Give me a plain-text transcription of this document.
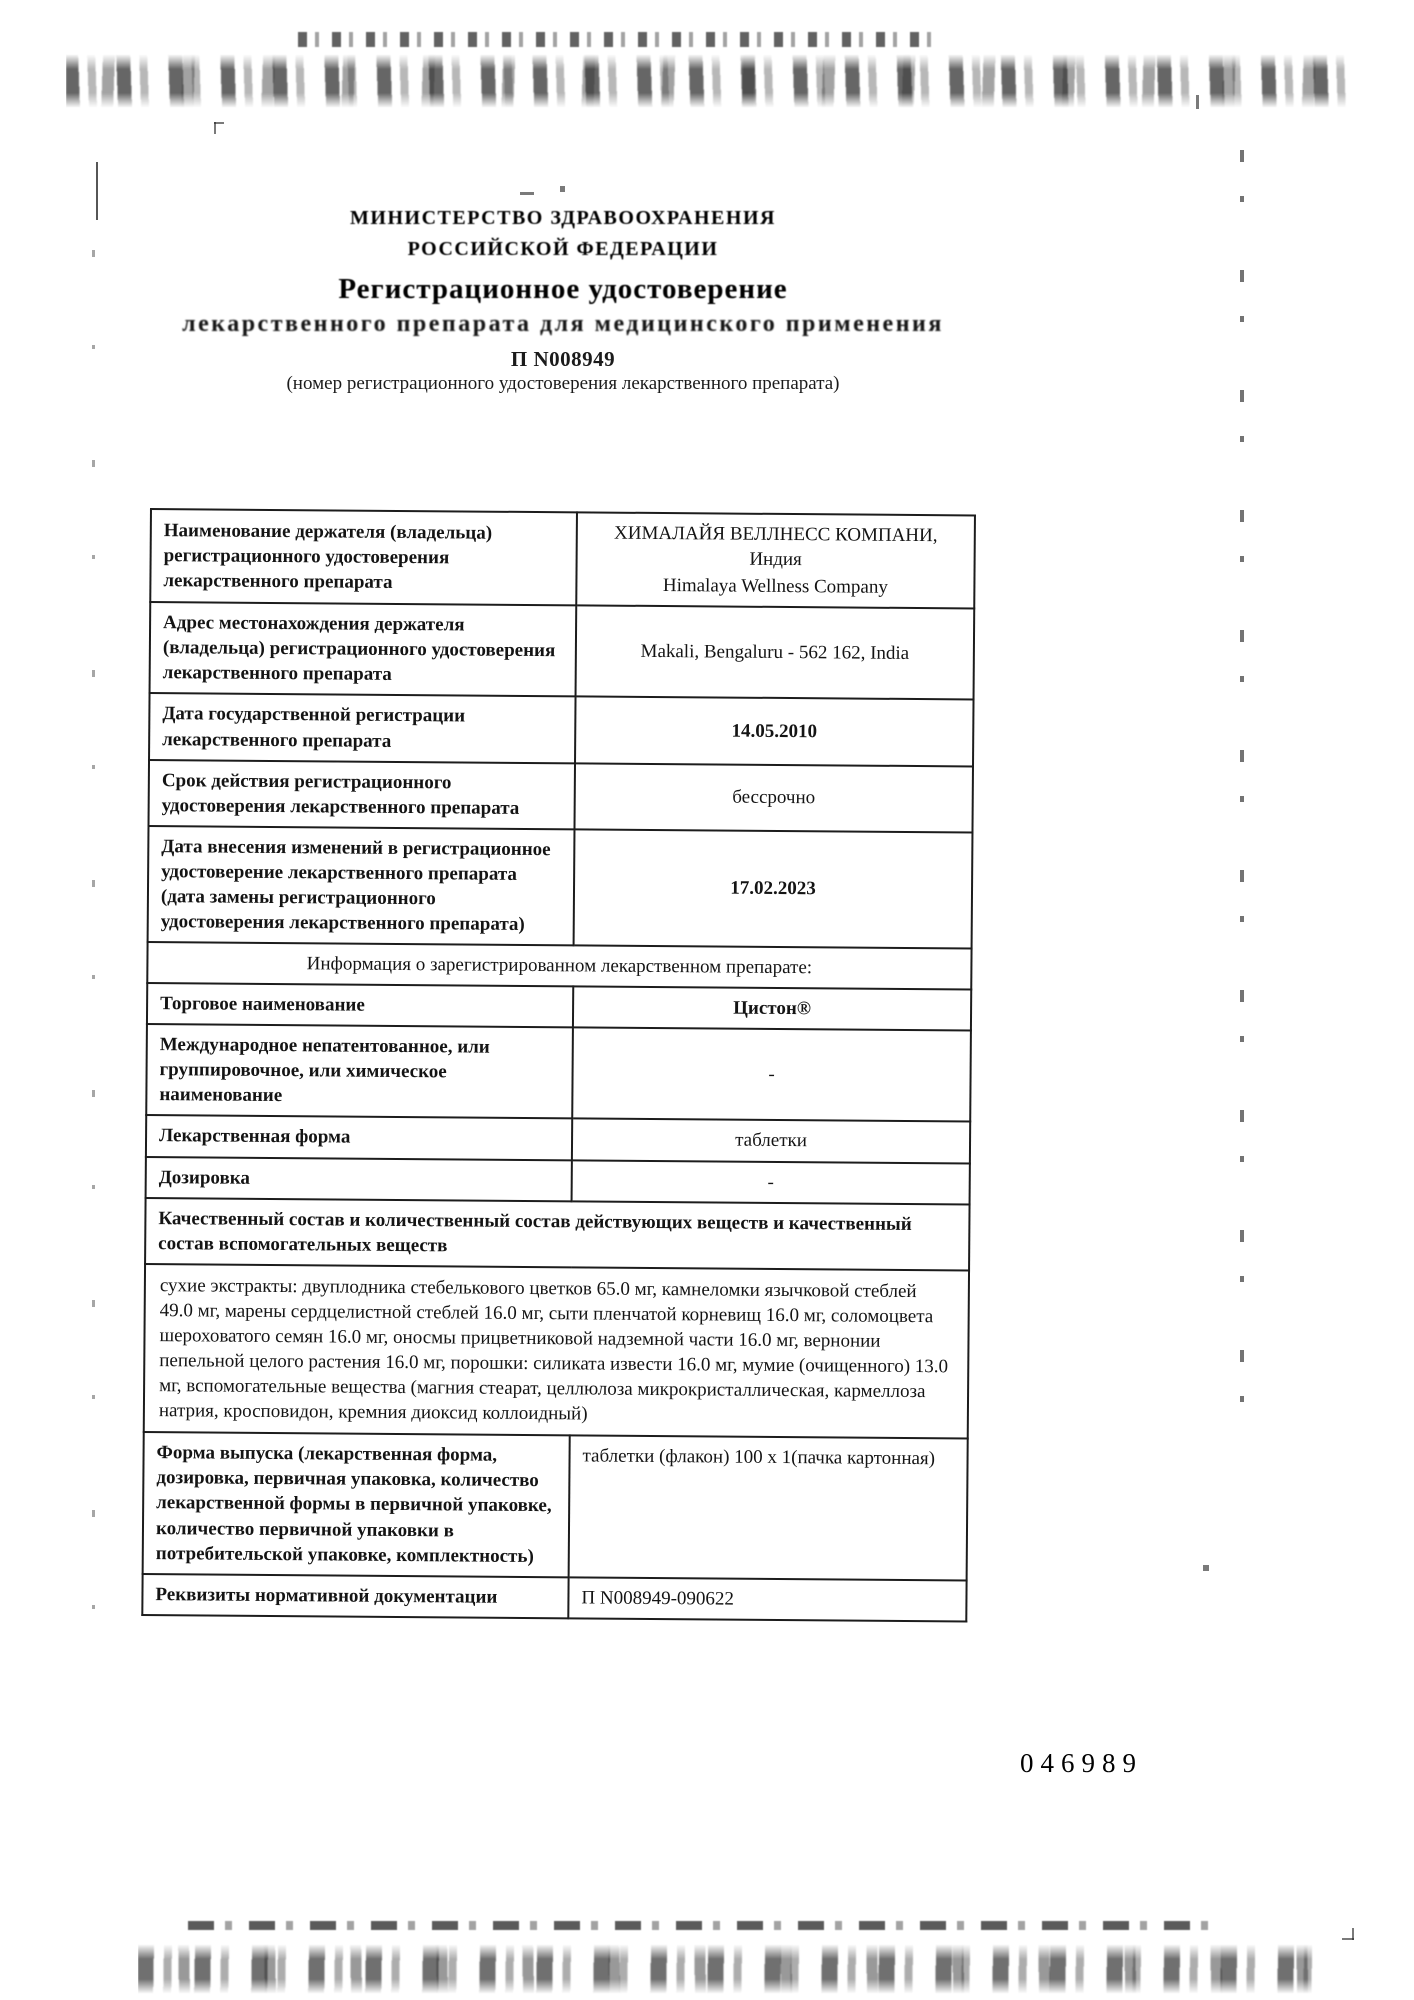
МИНИСТЕРСТВО ЗДРАВООХРАНЕНИЯ
РОССИЙСКОЙ ФЕДЕРАЦИИ
Регистрационное удостоверение
лекарственного препарата для медицинского применения
П N008949
(номер регистрационного удостоверения лекарственного препарата)
Наименование держателя (владельца) регистрационного удостоверения лекарственного препарата	ХИМАЛАЙЯ ВЕЛЛНЕСС КОМПАНИ, Индия
Himalaya Wellness Company

Адрес местонахождения держателя (владельца) регистрационного удостоверения лекарственного препарата	Makali, Bengaluru - 562 162, India
Дата государственной регистрации лекарственного препарата	14.05.2010
Срок действия регистрационного удостоверения лекарственного препарата	бессрочно
Дата внесения изменений в регистрационное удостоверение лекарственного препарата (дата замены регистрационного удостоверения лекарственного препарата)	17.02.2023
Информация о зарегистрированном лекарственном препарате:	
Торговое наименование	Цистон®
Международное непатентованное, или группировочное, или химическое наименование	-
Лекарственная форма	таблетки
Дозировка	-
Качественный состав и количественный состав действующих веществ и качественный состав вспомогательных веществ	
сухие экстракты: двуплодника стебелькового цветков 65.0 мг, камнеломки язычковой стеблей 49.0 мг, марены сердцелистной стеблей 16.0 мг, сыти пленчатой корневищ 16.0 мг, соломоцвета шероховатого семян 16.0 мг, оносмы прицветниковой надземной части 16.0 мг, вернонии пепельной целого растения 16.0 мг, порошки: силиката извести 16.0 мг, мумие (очищенного) 13.0 мг, вспомогательные вещества (магния стеарат, целлюлоза микрокристаллическая, кармеллоза натрия, кросповидон, кремния диоксид коллоидный)	
Форма выпуска (лекарственная форма, дозировка, первичная упаковка, количество лекарственной формы в первичной упаковке, количество первичной упаковки в потребительской упаковке, комплектность)	таблетки (флакон) 100 х 1(пачка картонная)
Реквизиты нормативной документации	П N008949-090622
046989
